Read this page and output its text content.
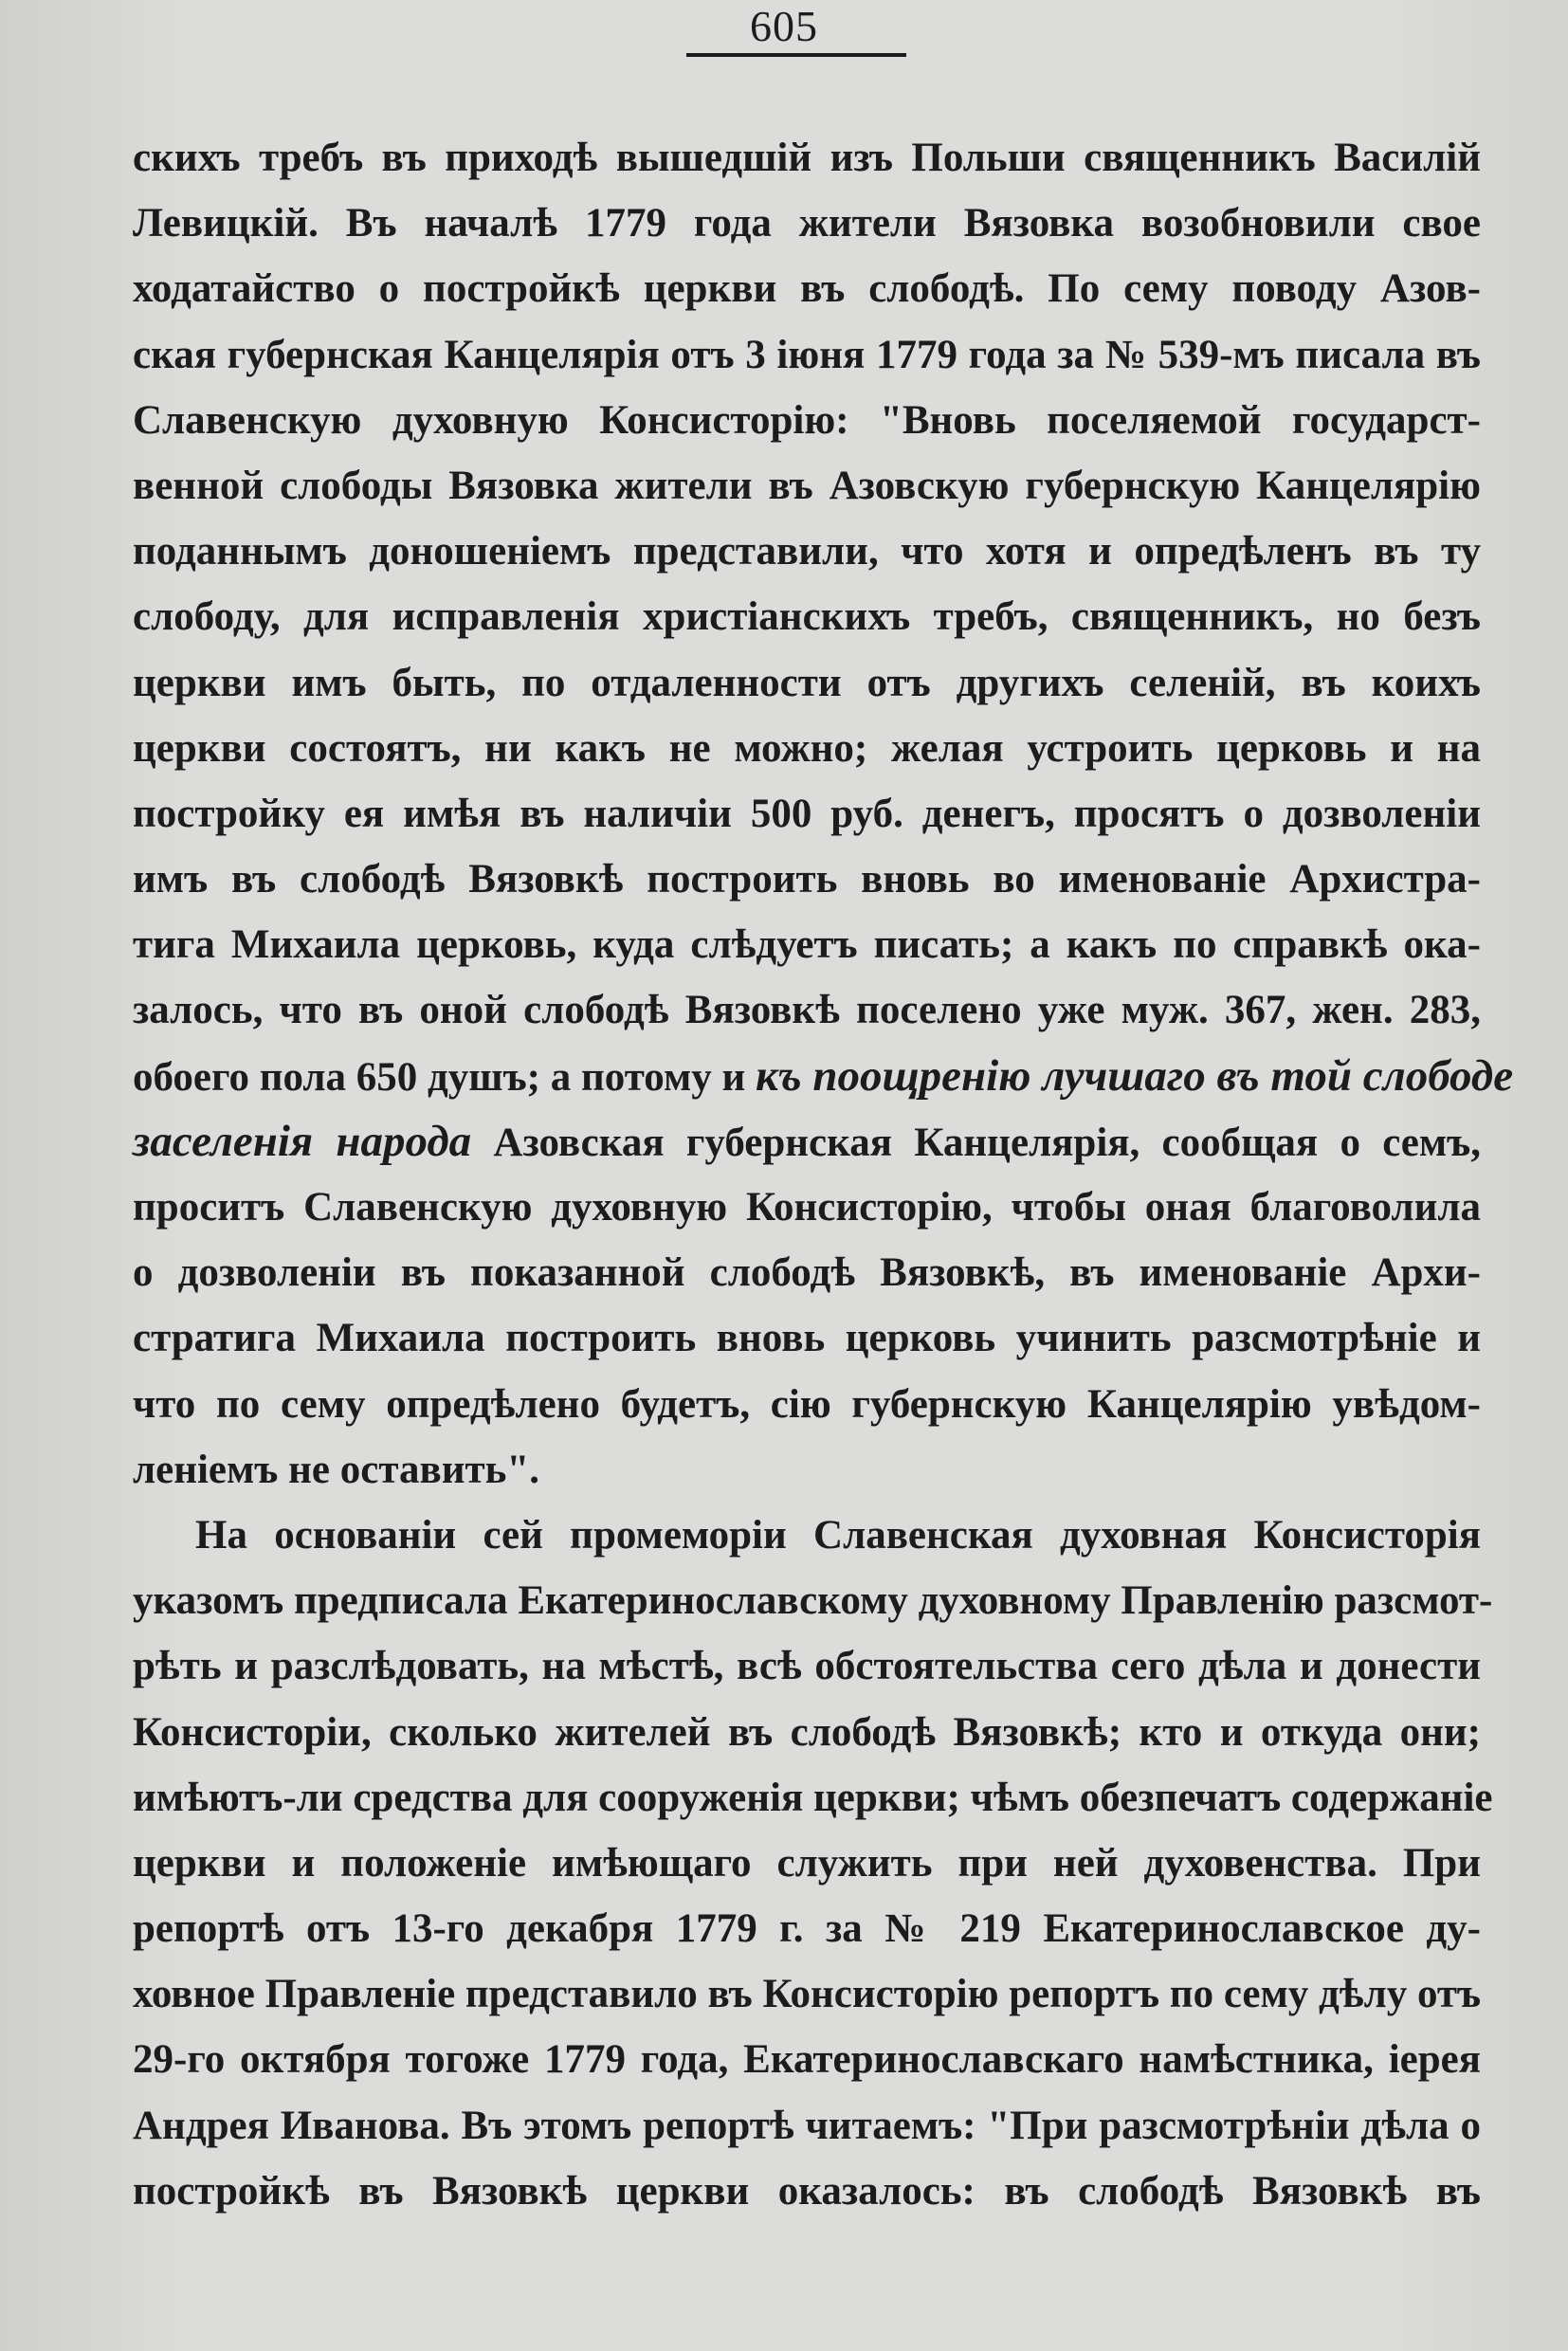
605
скихъ требъ въ приходѣ вышедшій изъ Польши священникъ Василій
Левицкій. Въ началѣ 1779 года жители Вязовка возобновили свое
ходатайство о постройкѣ церкви въ слободѣ. По сему поводу Азов-
ская губернская Канцелярія отъ 3 іюня 1779 года за № 539-мъ писала въ
Славенскую духовную Консисторію: "Вновь поселяемой государст-
венной слободы Вязовка жители въ Азовскую губернскую Канцелярію
поданнымъ доношеніемъ представили, что хотя и опредѣленъ въ ту
слободу, для исправленія христіанскихъ требъ, священникъ, но безъ
церкви имъ быть, по отдаленности отъ другихъ селеній, въ коихъ
церкви состоятъ, ни какъ не можно; желая устроить церковь и на
постройку ея имѣя въ наличіи 500 руб. денегъ, просятъ о дозволеніи
имъ въ слободѣ Вязовкѣ построить вновь во именованіе Архистра-
тига Михаила церковь, куда слѣдуетъ писать; а какъ по справкѣ ока-
залось, что въ оной слободѣ Вязовкѣ поселено уже муж. 367, жен. 283,
обоего пола 650 душъ; а потому и къ поощренію лучшаго въ той слободе
заселенія народа Азовская губернская Канцелярія, сообщая о семъ,
проситъ Славенскую духовную Консисторію, чтобы оная благоволила
о дозволеніи въ показанной слободѣ Вязовкѣ, въ именованіе Архи-
стратига Михаила построить вновь церковь учинить разсмотрѣніе и
что по сему опредѣлено будетъ, сію губернскую Канцелярію увѣдом-
леніемъ не оставить".
На основаніи сей промеморіи Славенская духовная Консисторія
указомъ предписала Екатеринославскому духовному Правленію разсмот-
рѣть и разслѣдовать, на мѣстѣ, всѣ обстоятельства сего дѣла и донести
Консисторіи, сколько жителей въ слободѣ Вязовкѣ; кто и откуда они;
имѣютъ-ли средства для сооруженія церкви; чѣмъ обезпечатъ содержаніе
церкви и положеніе имѣющаго служить при ней духовенства. При
репортѣ отъ 13-го декабря 1779 г. за № 219 Екатеринославское ду-
ховное Правленіе представило въ Консисторію репортъ по сему дѣлу отъ
29-го октября тогоже 1779 года, Екатеринославскаго намѣстника, іерея
Андрея Иванова. Въ этомъ репортѣ читаемъ: "При разсмотрѣніи дѣла о
постройкѣ въ Вязовкѣ церкви оказалось: въ слободѣ Вязовкѣ въ
